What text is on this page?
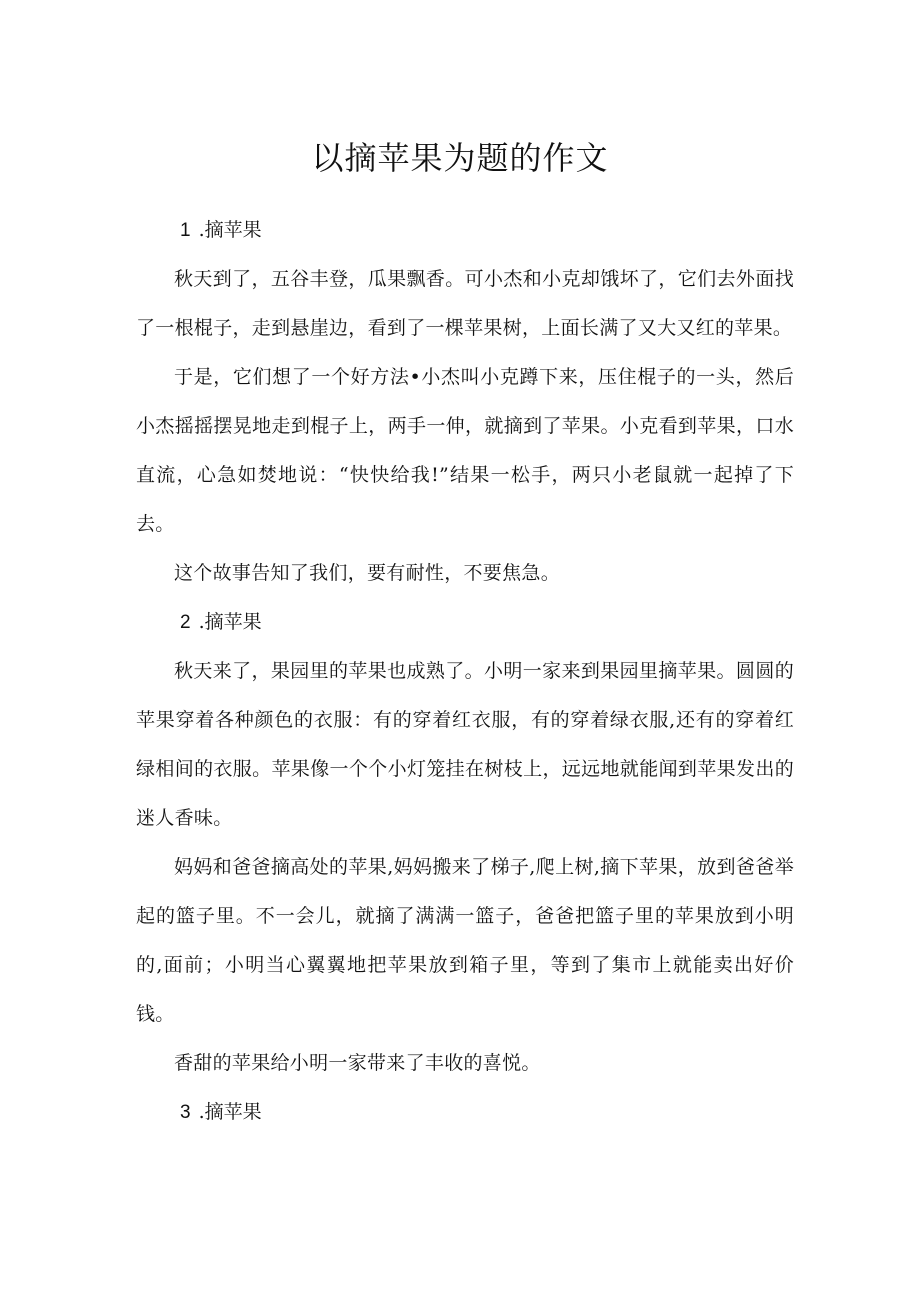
以摘苹果为题的作文

1 .摘苹果

秋天到了，五谷丰登，瓜果飘香。可小杰和小克却饿坏了，它们去外面找了一根棍子，走到悬崖边，看到了一棵苹果树，上面长满了又大又红的苹果。

于是，它们想了一个好方法•小杰叫小克蹲下来，压住棍子的一头，然后小杰摇摇摆晃地走到棍子上，两手一伸，就摘到了苹果。小克看到苹果，口水直流，心急如焚地说：“快快给我!”结果一松手，两只小老鼠就一起掉了下去。

这个故事告知了我们，要有耐性，不要焦急。

2 .摘苹果

秋天来了，果园里的苹果也成熟了。小明一家来到果园里摘苹果。圆圆的苹果穿着各种颜色的衣服：有的穿着红衣服，有的穿着绿衣服,还有的穿着红绿相间的衣服。苹果像一个个小灯笼挂在树枝上，远远地就能闻到苹果发出的迷人香味。

妈妈和爸爸摘高处的苹果,妈妈搬来了梯子,爬上树,摘下苹果，放到爸爸举起的篮子里。不一会儿，就摘了满满一篮子，爸爸把篮子里的苹果放到小明的,面前；小明当心翼翼地把苹果放到箱子里，等到了集市上就能卖出好价钱。

香甜的苹果给小明一家带来了丰收的喜悦。

3 .摘苹果
